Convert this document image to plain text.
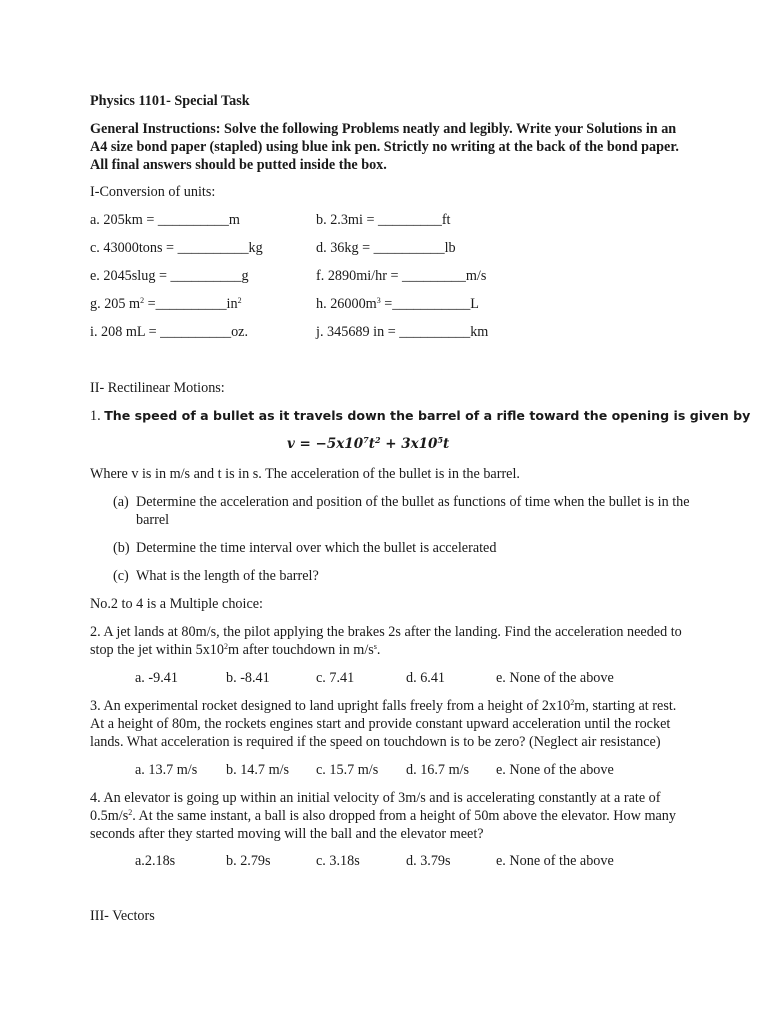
Physics 1101- Special Task
General Instructions: Solve the following Problems neatly and legibly. Write your Solutions in an
A4 size bond paper (stapled) using blue ink pen. Strictly no writing at the back of the bond paper.
All final answers should be putted inside the box.
I-Conversion of units:
a. 205km = __________m	b. 2.3mi = _________ft
c. 43000tons = __________kg	d. 36kg = __________lb
e. 2045slug = __________g	f. 2890mi/hr = _________m/s
g. 205 $m^2$ $=\_\_\_\_\_\_\_\_\_\_in^2$	h. $26000m^3$ =___________L
i. 208 mL = __________oz.	j. 345689 in = __________km
II- Rectilinear Motions:
1. The speed of a bullet as it travels down the barrel of a rifle toward the opening is given by
$v = -5x10^7t^2 + 3x10^5t$
Where v is in m/s and t is in s. The acceleration of the bullet is in the barrel.
(a) Determine the acceleration and position of the bullet as functions of time when the bullet is in the
barrel
(b) Determine the time interval over which the bullet is accelerated
(c) What is the length of the barrel?
No.2 to 4 is a Multiple choice:
2. A jet lands at 80m/s, the pilot applying the brakes 2s after the landing. Find the acceleration needed to
stop the jet within $5x10^2m$ after touchdown in $m/s^s$.
a. -9.41	b. -8.41	c. 7.41	d. 6.41	e. None of the above
3. An experimental rocket designed to land upright falls freely from a height of $2x10^2m$, starting at rest.
At a height of 80m, the rockets engines start and provide constant upward acceleration until the rocket
lands. What acceleration is required if the speed on touchdown is to be zero? (Neglect air resistance)
a. 13.7 m/s b. 14.7 m/s c. 15.7 m/s d. 16.7 m/s e. None of the above
4. An elevator is going up within an initial velocity of 3m/s and is accelerating constantly at a rate of
$0.5m/s^2$. At the same instant, a ball is also dropped from a height of 50m above the elevator. How many
seconds after they started moving will the ball and the elevator meet?
a.2.18s	b. 2.79s	c. 3.18s	d. 3.79s	e. None of the above
III- Vectors
